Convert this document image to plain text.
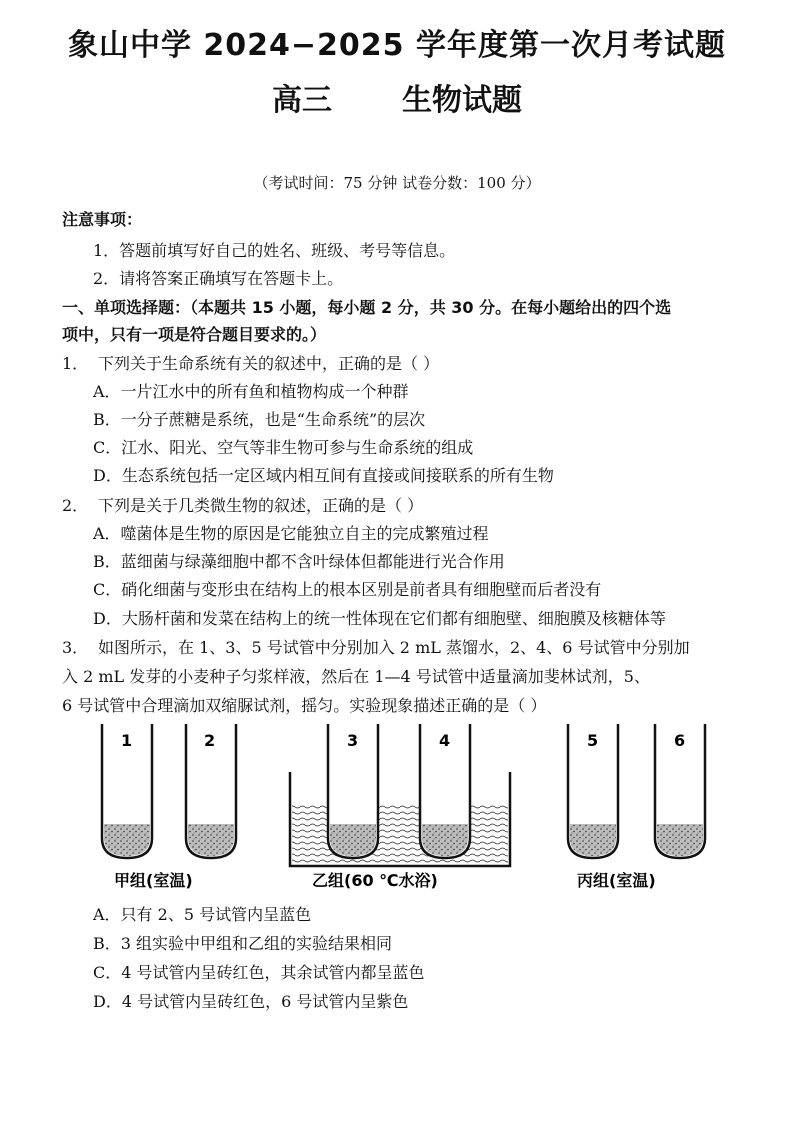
象山中学 2024−2025 学年度第一次月考试题
高三 生物试题
（考试时间：75 分钟 试卷分数：100 分）
注意事项：
1．答题前填写好自己的姓名、班级、考号等信息。
2．请将答案正确填写在答题卡上。
一、单项选择题：（本题共 15 小题，每小题 2 分，共 30 分。在每小题给出的四个选
项中，只有一项是符合题目要求的。）
1． 下列关于生命系统有关的叙述中，正确的是（ ）
A．一片江水中的所有鱼和植物构成一个种群
B．一分子蔗糖是系统，也是“生命系统”的层次
C．江水、阳光、空气等非生物可参与生命系统的组成
D．生态系统包括一定区域内相互间有直接或间接联系的所有生物
2． 下列是关于几类微生物的叙述，正确的是（ ）
A．噬菌体是生物的原因是它能独立自主的完成繁殖过程
B．蓝细菌与绿藻细胞中都不含叶绿体但都能进行光合作用
C．硝化细菌与变形虫在结构上的根本区别是前者具有细胞壁而后者没有
D．大肠杆菌和发菜在结构上的统一性体现在它们都有细胞壁、细胞膜及核糖体等
3． 如图所示，在 1、3、5 号试管中分别加入 2 mL 蒸馏水，2、4、6 号试管中分别加
入 2 mL 发芽的小麦种子匀浆样液，然后在 1—4 号试管中适量滴加斐林试剂，5、
6 号试管中合理滴加双缩脲试剂，摇匀。实验现象描述正确的是（ ）
1	2	3	4	5	6
甲组(室温)	乙组(60 ℃水浴)	丙组(室温)
A．只有 2、5 号试管内呈蓝色
B．3 组实验中甲组和乙组的实验结果相同
C．4 号试管内呈砖红色，其余试管内都呈蓝色
D．4 号试管内呈砖红色，6 号试管内呈紫色
